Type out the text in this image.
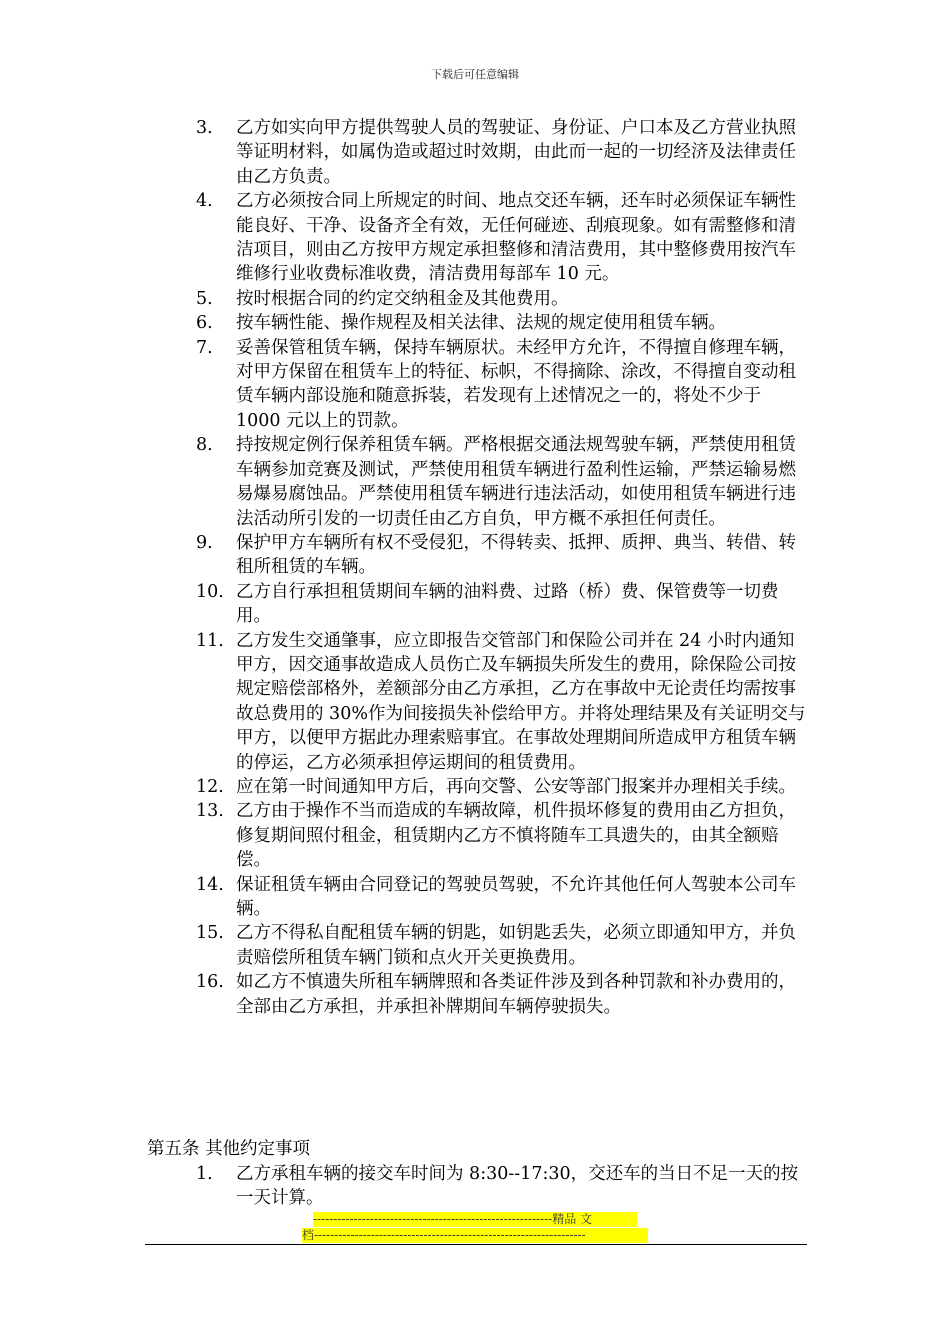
下载后可任意编辑
3.	乙方如实向甲方提供驾驶人员的驾驶证、身份证、户口本及乙方营业执照等证明材料，如属伪造或超过时效期，由此而一起的一切经济及法律责任由乙方负责。
4.	乙方必须按合同上所规定的时间、地点交还车辆，还车时必须保证车辆性能良好、干净、设备齐全有效，无任何碰迹、刮痕现象。如有需整修和清洁项目，则由乙方按甲方规定承担整修和清洁费用，其中整修费用按汽车维修行业收费标准收费，清洁费用每部车 10 元。
5.	按时根据合同的约定交纳租金及其他费用。
6.	按车辆性能、操作规程及相关法律、法规的规定使用租赁车辆。
7.	妥善保管租赁车辆，保持车辆原状。未经甲方允许，不得擅自修理车辆，对甲方保留在租赁车上的特征、标帜，不得摘除、涂改，不得擅自变动租赁车辆内部设施和随意拆装，若发现有上述情况之一的，将处不少于 1000 元以上的罚款。
8.	持按规定例行保养租赁车辆。严格根据交通法规驾驶车辆，严禁使用租赁车辆参加竞赛及测试，严禁使用租赁车辆进行盈利性运输，严禁运输易燃易爆易腐蚀品。严禁使用租赁车辆进行违法活动，如使用租赁车辆进行违法活动所引发的一切责任由乙方自负，甲方概不承担任何责任。
9.	保护甲方车辆所有权不受侵犯，不得转卖、抵押、质押、典当、转借、转租所租赁的车辆。
10. 乙方自行承担租赁期间车辆的油料费、过路（桥）费、保管费等一切费用。
11. 乙方发生交通肇事，应立即报告交管部门和保险公司并在 24 小时内通知甲方，因交通事故造成人员伤亡及车辆损失所发生的费用，除保险公司按规定赔偿部格外，差额部分由乙方承担，乙方在事故中无论责任均需按事故总费用的 30%作为间接损失补偿给甲方。并将处理结果及有关证明交与甲方，以便甲方据此办理索赔事宜。在事故处理期间所造成甲方租赁车辆的停运，乙方必须承担停运期间的租赁费用。
12. 应在第一时间通知甲方后，再向交警、公安等部门报案并办理相关手续。
13. 乙方由于操作不当而造成的车辆故障，机件损坏修复的费用由乙方担负，修复期间照付租金，租赁期内乙方不慎将随车工具遗失的，由其全额赔偿。
14. 保证租赁车辆由合同登记的驾驶员驾驶，不允许其他任何人驾驶本公司车辆。
15. 乙方不得私自配租赁车辆的钥匙，如钥匙丢失，必须立即通知甲方，并负责赔偿所租赁车辆门锁和点火开关更换费用。
16. 如乙方不慎遗失所租车辆牌照和各类证件涉及到各种罚款和补办费用的，全部由乙方承担，并承担补牌期间车辆停驶损失。
第五条 其他约定事项
1.	乙方承租车辆的接交车时间为 8:30--17:30，交还车的当日不足一天的按一天计算。
-----------------------------------------------------------精品 文
档-------------------------------------------------------------------
